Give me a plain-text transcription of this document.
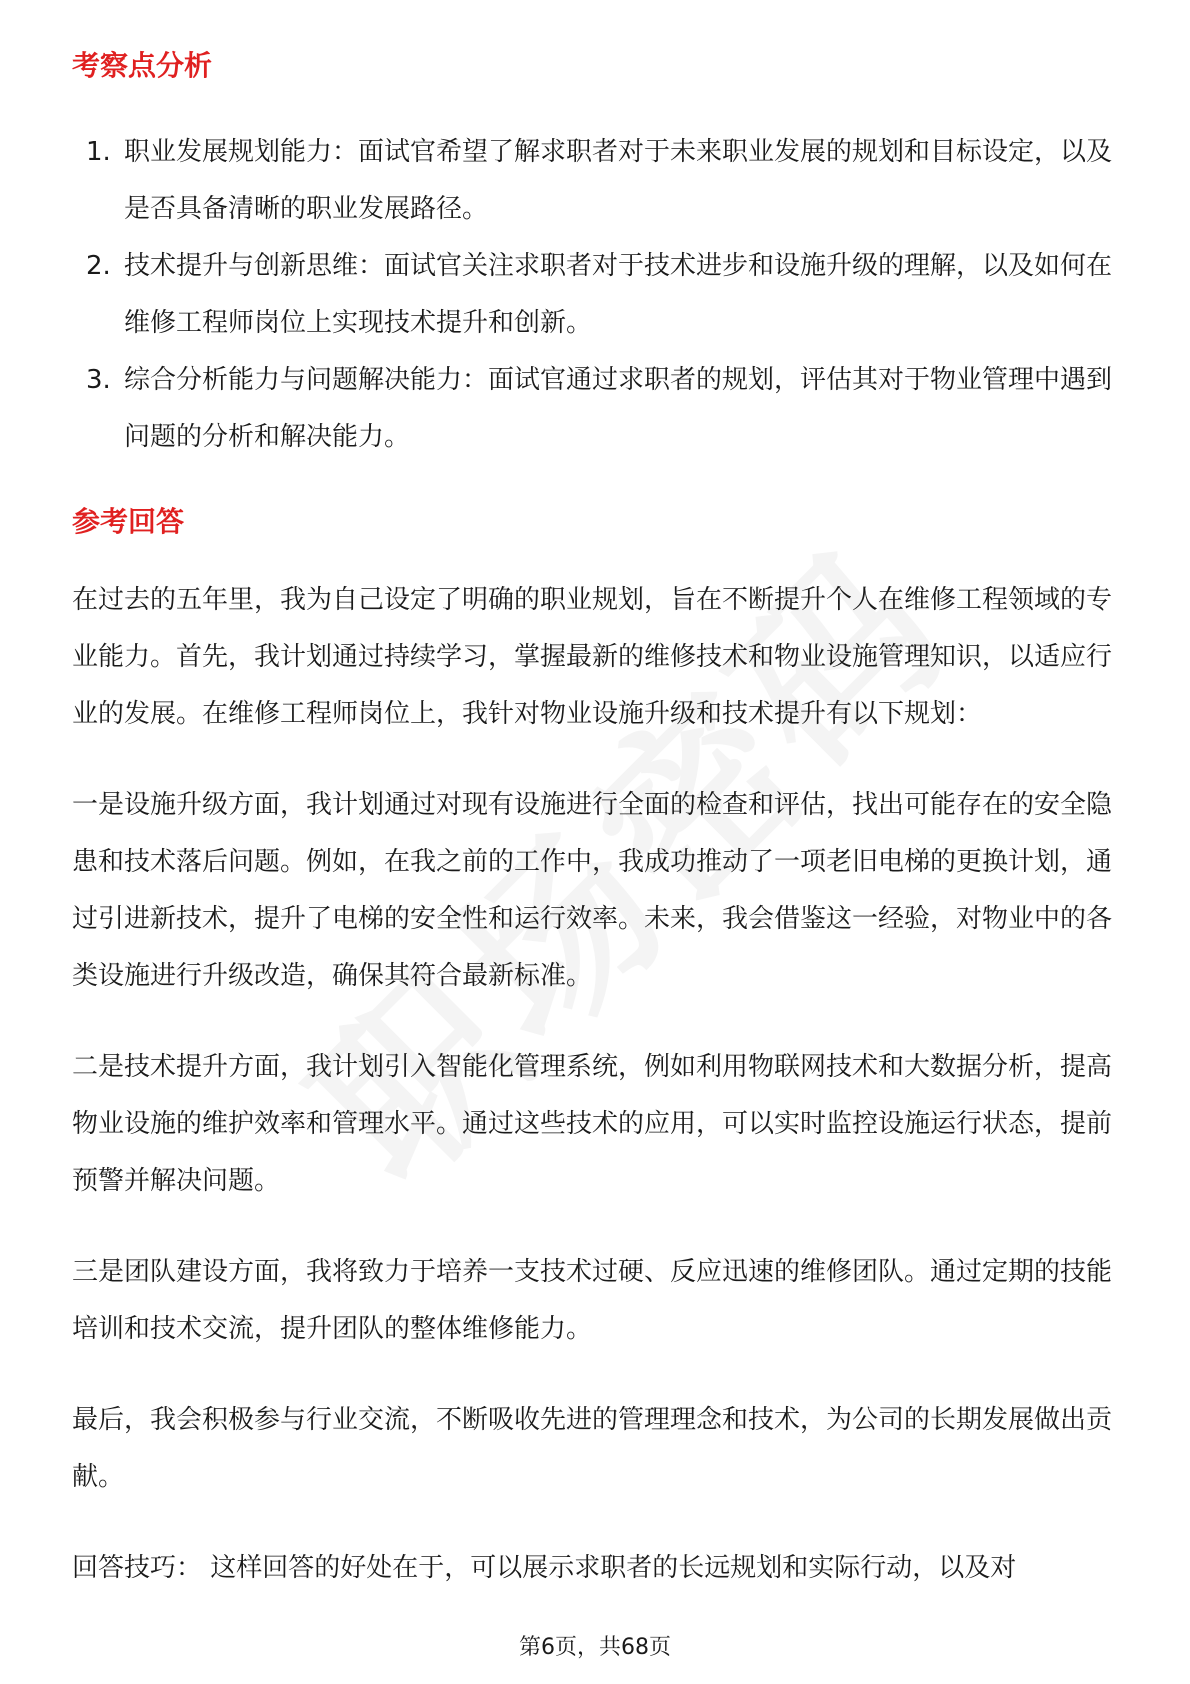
考察点分析
1. 职业发展规划能力：面试官希望了解求职者对于未来职业发展的规划和目标设定，以及是否具备清晰的职业发展路径。
2. 技术提升与创新思维：面试官关注求职者对于技术进步和设施升级的理解，以及如何在维修工程师岗位上实现技术提升和创新。
3. 综合分析能力与问题解决能力：面试官通过求职者的规划，评估其对于物业管理中遇到问题的分析和解决能力。
参考回答

在过去的五年里，我为自己设定了明确的职业规划，旨在不断提升个人在维修工程领域的专业能力。首先，我计划通过持续学习，掌握最新的维修技术和物业设施管理知识，以适应行业的发展。在维修工程师岗位上，我针对物业设施升级和技术提升有以下规划：

一是设施升级方面，我计划通过对现有设施进行全面的检查和评估，找出可能存在的安全隐患和技术落后问题。例如，在我之前的工作中，我成功推动了一项老旧电梯的更换计划，通过引进新技术，提升了电梯的安全性和运行效率。未来，我会借鉴这一经验，对物业中的各类设施进行升级改造，确保其符合最新标准。

二是技术提升方面，我计划引入智能化管理系统，例如利用物联网技术和大数据分析，提高物业设施的维护效率和管理水平。通过这些技术的应用，可以实时监控设施运行状态，提前预警并解决问题。

三是团队建设方面，我将致力于培养一支技术过硬、反应迅速的维修团队。通过定期的技能培训和技术交流，提升团队的整体维修能力。

最后，我会积极参与行业交流，不断吸收先进的管理理念和技术，为公司的长期发展做出贡献。

回答技巧： 这样回答的好处在于，可以展示求职者的长远规划和实际行动，以及对

第6页，共68页
